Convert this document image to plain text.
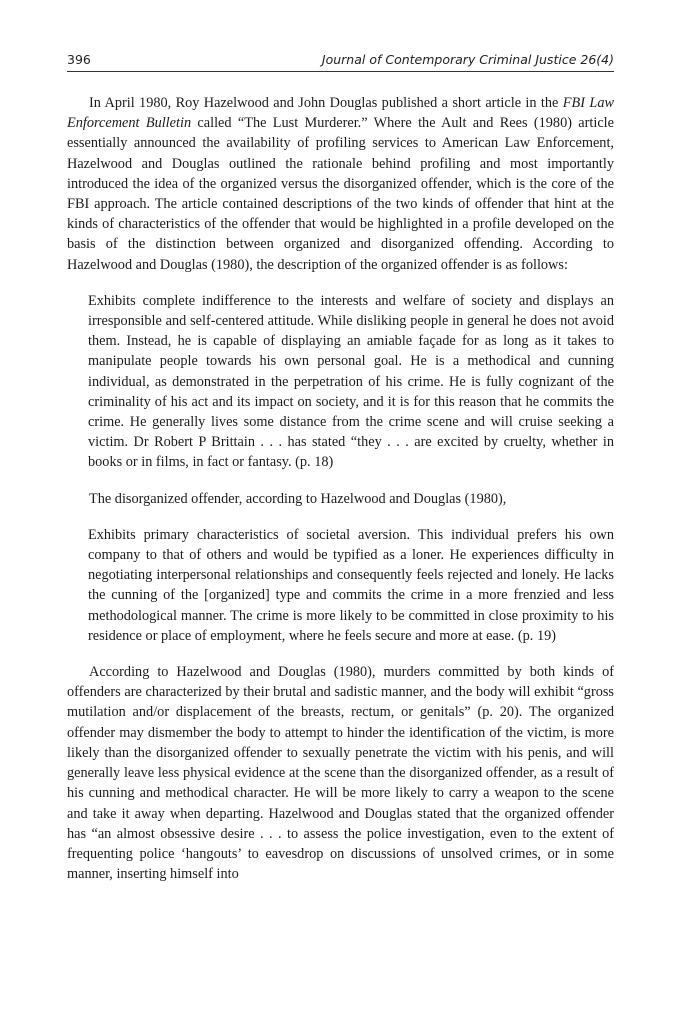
396	Journal of Contemporary Criminal Justice 26(4)

In April 1980, Roy Hazelwood and John Douglas published a short article in the FBI Law Enforcement Bulletin called “The Lust Murderer.” Where the Ault and Rees (1980) article essentially announced the availability of profiling services to American Law Enforcement, Hazelwood and Douglas outlined the rationale behind profiling and most importantly introduced the idea of the organized versus the disorganized offender, which is the core of the FBI approach. The article contained descriptions of the two kinds of offender that hint at the kinds of characteristics of the offender that would be highlighted in a profile developed on the basis of the distinction between organized and disorganized offending. According to Hazelwood and Douglas (1980), the description of the organized offender is as follows:

Exhibits complete indifference to the interests and welfare of society and displays an irresponsible and self-centered attitude. While disliking people in general he does not avoid them. Instead, he is capable of displaying an amiable façade for as long as it takes to manipulate people towards his own personal goal. He is a methodical and cunning individual, as demonstrated in the perpetration of his crime. He is fully cognizant of the criminality of his act and its impact on society, and it is for this reason that he commits the crime. He generally lives some distance from the crime scene and will cruise seeking a victim. Dr Robert P Brittain . . . has stated “they . . . are excited by cruelty, whether in books or in films, in fact or fantasy. (p. 18)

The disorganized offender, according to Hazelwood and Douglas (1980),

Exhibits primary characteristics of societal aversion. This individual prefers his own company to that of others and would be typified as a loner. He experiences difficulty in negotiating interpersonal relationships and consequently feels rejected and lonely. He lacks the cunning of the [organized] type and commits the crime in a more frenzied and less methodological manner. The crime is more likely to be committed in close proximity to his residence or place of employment, where he feels secure and more at ease. (p. 19)

According to Hazelwood and Douglas (1980), murders committed by both kinds of offenders are characterized by their brutal and sadistic manner, and the body will exhibit “gross mutilation and/or displacement of the breasts, rectum, or genitals” (p. 20). The organized offender may dismember the body to attempt to hinder the identification of the victim, is more likely than the disorganized offender to sexually penetrate the victim with his penis, and will generally leave less physical evidence at the scene than the disorganized offender, as a result of his cunning and methodical character. He will be more likely to carry a weapon to the scene and take it away when departing. Hazelwood and Douglas stated that the organized offender has “an almost obsessive desire . . . to assess the police investigation, even to the extent of frequenting police ‘hangouts’ to eavesdrop on discussions of unsolved crimes, or in some manner, inserting himself into
